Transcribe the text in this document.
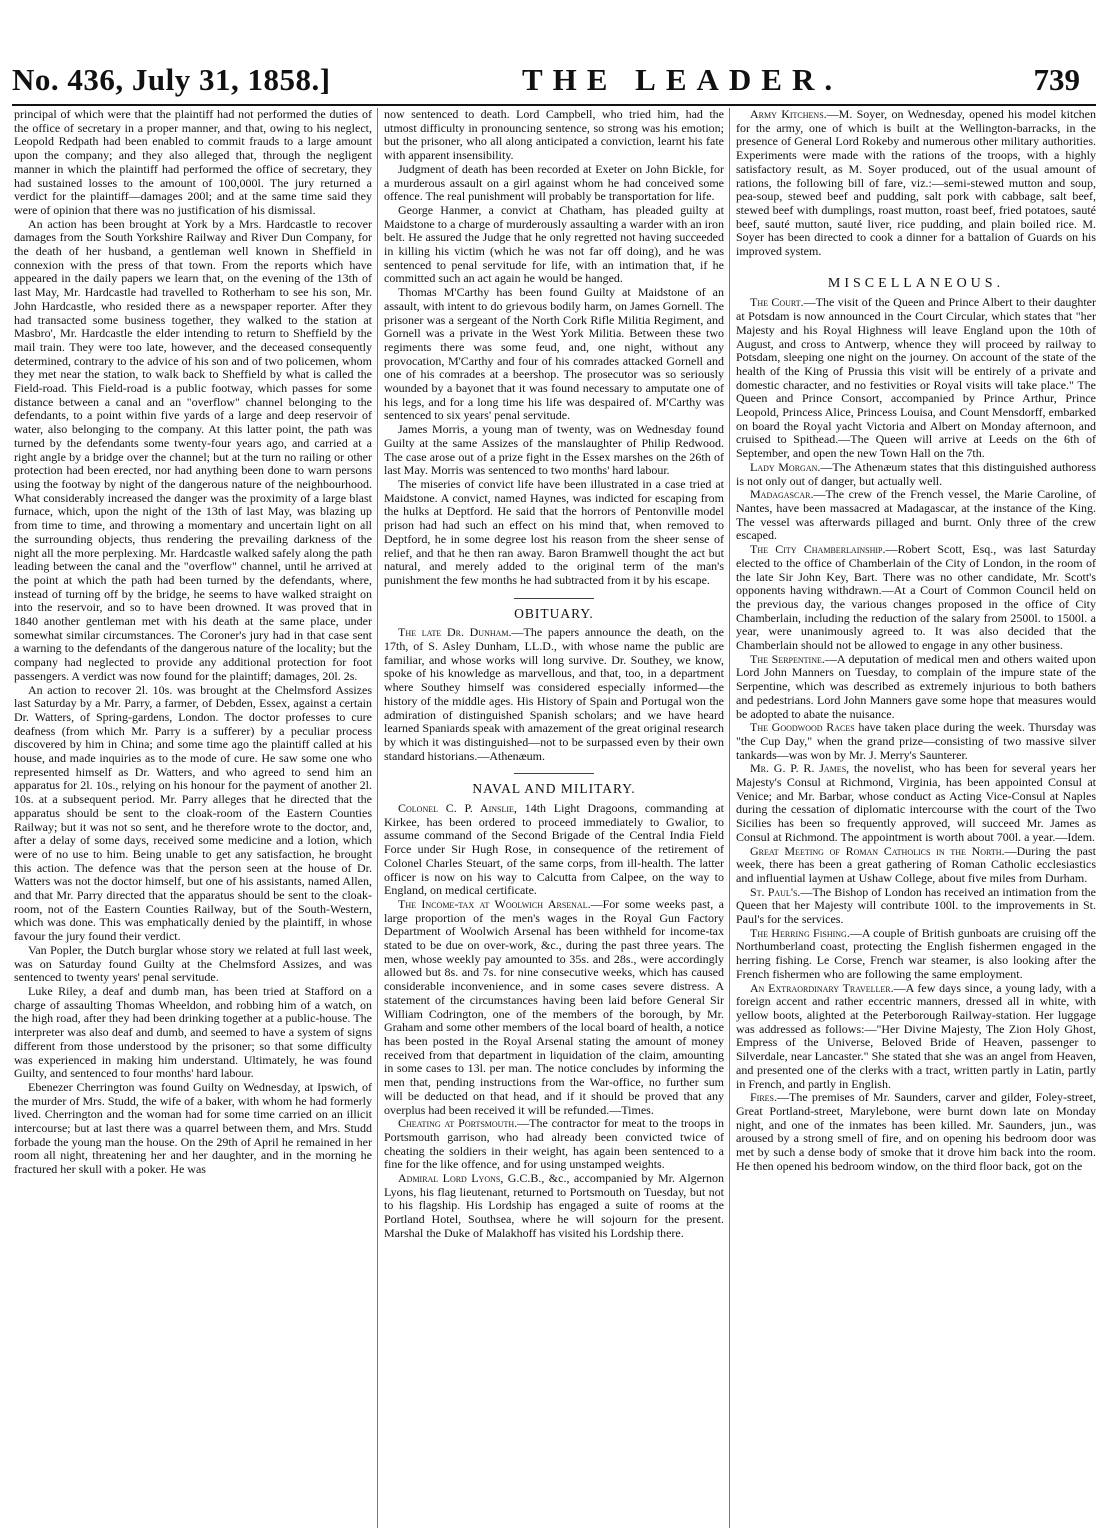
No. 436, July 31, 1858.]	THE LEADER.	739

principal of which were that the plaintiff had not performed the duties of the office of secretary in a proper manner, and that, owing to his neglect, Leopold Redpath had been enabled to commit frauds to a large amount upon the company; and they also alleged that, through the negligent manner in which the plaintiff had performed the office of secretary, they had sustained losses to the amount of 100,000l. The jury returned a verdict for the plaintiff—damages 200l; and at the same time said they were of opinion that there was no justification of his dismissal.

An action has been brought at York by a Mrs. Hardcastle to recover damages from the South Yorkshire Railway and River Dun Company, for the death of her husband, a gentleman well known in Sheffield in connexion with the press of that town. From the reports which have appeared in the daily papers we learn that, on the evening of the 13th of last May, Mr. Hardcastle had travelled to Rotherham to see his son, Mr. John Hardcastle, who resided there as a newspaper reporter. After they had transacted some business together, they walked to the station at Masbro', Mr. Hardcastle the elder intending to return to Sheffield by the mail train. They were too late, however, and the deceased consequently determined, contrary to the advice of his son and of two policemen, whom they met near the station, to walk back to Sheffield by what is called the Field-road. This Field-road is a public footway, which passes for some distance between a canal and an "overflow" channel belonging to the defendants, to a point within five yards of a large and deep reservoir of water, also belonging to the company. At this latter point, the path was turned by the defendants some twenty-four years ago, and carried at a right angle by a bridge over the channel; but at the turn no railing or other protection had been erected, nor had anything been done to warn persons using the footway by night of the dangerous nature of the neighbourhood. What considerably increased the danger was the proximity of a large blast furnace, which, upon the night of the 13th of last May, was blazing up from time to time, and throwing a momentary and uncertain light on all the surrounding objects, thus rendering the prevailing darkness of the night all the more perplexing. Mr. Hardcastle walked safely along the path leading between the canal and the "overflow" channel, until he arrived at the point at which the path had been turned by the defendants, where, instead of turning off by the bridge, he seems to have walked straight on into the reservoir, and so to have been drowned. It was proved that in 1840 another gentleman met with his death at the same place, under somewhat similar circumstances. The Coroner's jury had in that case sent a warning to the defendants of the dangerous nature of the locality; but the company had neglected to provide any additional protection for foot passengers. A verdict was now found for the plaintiff; damages, 20l. 2s.

An action to recover 2l. 10s. was brought at the Chelmsford Assizes last Saturday by a Mr. Parry, a farmer, of Debden, Essex, against a certain Dr. Watters, of Spring-gardens, London. The doctor professes to cure deafness (from which Mr. Parry is a sufferer) by a peculiar process discovered by him in China; and some time ago the plaintiff called at his house, and made inquiries as to the mode of cure. He saw some one who represented himself as Dr. Watters, and who agreed to send him an apparatus for 2l. 10s., relying on his honour for the payment of another 2l. 10s. at a subsequent period. Mr. Parry alleges that he directed that the apparatus should be sent to the cloak-room of the Eastern Counties Railway; but it was not so sent, and he therefore wrote to the doctor, and, after a delay of some days, received some medicine and a lotion, which were of no use to him. Being unable to get any satisfaction, he brought this action. The defence was that the person seen at the house of Dr. Watters was not the doctor himself, but one of his assistants, named Allen, and that Mr. Parry directed that the apparatus should be sent to the cloak-room, not of the Eastern Counties Railway, but of the South-Western, which was done. This was emphatically denied by the plaintiff, in whose favour the jury found their verdict.

Van Popler, the Dutch burglar whose story we related at full last week, was on Saturday found Guilty at the Chelmsford Assizes, and was sentenced to twenty years' penal servitude.

Luke Riley, a deaf and dumb man, has been tried at Stafford on a charge of assaulting Thomas Wheeldon, and robbing him of a watch, on the high road, after they had been drinking together at a public-house. The interpreter was also deaf and dumb, and seemed to have a system of signs different from those understood by the prisoner; so that some difficulty was experienced in making him understand. Ultimately, he was found Guilty, and sentenced to four months' hard labour.

Ebenezer Cherrington was found Guilty on Wednesday, at Ipswich, of the murder of Mrs. Studd, the wife of a baker, with whom he had formerly lived. Cherrington and the woman had for some time carried on an illicit intercourse; but at last there was a quarrel between them, and Mrs. Studd forbade the young man the house. On the 29th of April he remained in her room all night, threatening her and her daughter, and in the morning he fractured her skull with a poker. He was

now sentenced to death. Lord Campbell, who tried him, had the utmost difficulty in pronouncing sentence, so strong was his emotion; but the prisoner, who all along anticipated a conviction, learnt his fate with apparent insensibility.

Judgment of death has been recorded at Exeter on John Bickle, for a murderous assault on a girl against whom he had conceived some offence. The real punishment will probably be transportation for life.

George Hanmer, a convict at Chatham, has pleaded guilty at Maidstone to a charge of murderously assaulting a warder with an iron belt. He assured the Judge that he only regretted not having succeeded in killing his victim (which he was not far off doing), and he was sentenced to penal servitude for life, with an intimation that, if he committed such an act again he would be hanged.

Thomas M'Carthy has been found Guilty at Maidstone of an assault, with intent to do grievous bodily harm, on James Gornell. The prisoner was a sergeant of the North Cork Rifle Militia Regiment, and Gornell was a private in the West York Militia. Between these two regiments there was some feud, and, one night, without any provocation, M'Carthy and four of his comrades attacked Gornell and one of his comrades at a beershop. The prosecutor was so seriously wounded by a bayonet that it was found necessary to amputate one of his legs, and for a long time his life was despaired of. M'Carthy was sentenced to six years' penal servitude.

James Morris, a young man of twenty, was on Wednesday found Guilty at the same Assizes of the manslaughter of Philip Redwood. The case arose out of a prize fight in the Essex marshes on the 26th of last May. Morris was sentenced to two months' hard labour.

The miseries of convict life have been illustrated in a case tried at Maidstone. A convict, named Haynes, was indicted for escaping from the hulks at Deptford. He said that the horrors of Pentonville model prison had had such an effect on his mind that, when removed to Deptford, he in some degree lost his reason from the sheer sense of relief, and that he then ran away. Baron Bramwell thought the act but natural, and merely added to the original term of the man's punishment the few months he had subtracted from it by his escape.

OBITUARY.

The late Dr. Dunham.—The papers announce the death, on the 17th, of S. Asley Dunham, LL.D., with whose name the public are familiar, and whose works will long survive. Dr. Southey, we know, spoke of his knowledge as marvellous, and that, too, in a department where Southey himself was considered especially informed—the history of the middle ages. His History of Spain and Portugal won the admiration of distinguished Spanish scholars; and we have heard learned Spaniards speak with amazement of the great original research by which it was distinguished—not to be surpassed even by their own standard historians.—Athenæum.

NAVAL AND MILITARY.

Colonel C. P. Ainslie, 14th Light Dragoons, commanding at Kirkee, has been ordered to proceed immediately to Gwalior, to assume command of the Second Brigade of the Central India Field Force under Sir Hugh Rose, in consequence of the retirement of Colonel Charles Steuart, of the same corps, from ill-health. The latter officer is now on his way to Calcutta from Calpee, on the way to England, on medical certificate.

The Income-tax at Woolwich Arsenal.—For some weeks past, a large proportion of the men's wages in the Royal Gun Factory Department of Woolwich Arsenal has been withheld for income-tax stated to be due on over-work, &c., during the past three years. The men, whose weekly pay amounted to 35s. and 28s., were accordingly allowed but 8s. and 7s. for nine consecutive weeks, which has caused considerable inconvenience, and in some cases severe distress. A statement of the circumstances having been laid before General Sir William Codrington, one of the members of the borough, by Mr. Graham and some other members of the local board of health, a notice has been posted in the Royal Arsenal stating the amount of money received from that department in liquidation of the claim, amounting in some cases to 13l. per man. The notice concludes by informing the men that, pending instructions from the War-office, no further sum will be deducted on that head, and if it should be proved that any overplus had been received it will be refunded.—Times.

Cheating at Portsmouth.—The contractor for meat to the troops in Portsmouth garrison, who had already been convicted twice of cheating the soldiers in their weight, has again been sentenced to a fine for the like offence, and for using unstamped weights.

Admiral Lord Lyons, G.C.B., &c., accompanied by Mr. Algernon Lyons, his flag lieutenant, returned to Portsmouth on Tuesday, but not to his flagship. His Lordship has engaged a suite of rooms at the Portland Hotel, Southsea, where he will sojourn for the present. Marshal the Duke of Malakhoff has visited his Lordship there.

Army Kitchens.—M. Soyer, on Wednesday, opened his model kitchen for the army, one of which is built at the Wellington-barracks, in the presence of General Lord Rokeby and numerous other military authorities. Experiments were made with the rations of the troops, with a highly satisfactory result, as M. Soyer produced, out of the usual amount of rations, the following bill of fare, viz.:—semi-stewed mutton and soup, pea-soup, stewed beef and pudding, salt pork with cabbage, salt beef, stewed beef with dumplings, roast mutton, roast beef, fried potatoes, sauté beef, sauté mutton, sauté liver, rice pudding, and plain boiled rice. M. Soyer has been directed to cook a dinner for a battalion of Guards on his improved system.

MISCELLANEOUS.

The Court.—The visit of the Queen and Prince Albert to their daughter at Potsdam is now announced in the Court Circular, which states that "her Majesty and his Royal Highness will leave England upon the 10th of August, and cross to Antwerp, whence they will proceed by railway to Potsdam, sleeping one night on the journey. On account of the state of the health of the King of Prussia this visit will be entirely of a private and domestic character, and no festivities or Royal visits will take place." The Queen and Prince Consort, accompanied by Prince Arthur, Prince Leopold, Princess Alice, Princess Louisa, and Count Mensdorff, embarked on board the Royal yacht Victoria and Albert on Monday afternoon, and cruised to Spithead.—The Queen will arrive at Leeds on the 6th of September, and open the new Town Hall on the 7th.

Lady Morgan.—The Athenæum states that this distinguished authoress is not only out of danger, but actually well.

Madagascar.—The crew of the French vessel, the Marie Caroline, of Nantes, have been massacred at Madagascar, at the instance of the King. The vessel was afterwards pillaged and burnt. Only three of the crew escaped.

The City Chamberlainship.—Robert Scott, Esq., was last Saturday elected to the office of Chamberlain of the City of London, in the room of the late Sir John Key, Bart. There was no other candidate, Mr. Scott's opponents having withdrawn.—At a Court of Common Council held on the previous day, the various changes proposed in the office of City Chamberlain, including the reduction of the salary from 2500l. to 1500l. a year, were unanimously agreed to. It was also decided that the Chamberlain should not be allowed to engage in any other business.

The Serpentine.—A deputation of medical men and others waited upon Lord John Manners on Tuesday, to complain of the impure state of the Serpentine, which was described as extremely injurious to both bathers and pedestrians. Lord John Manners gave some hope that measures would be adopted to abate the nuisance.

The Goodwood Races have taken place during the week. Thursday was "the Cup Day," when the grand prize—consisting of two massive silver tankards—was won by Mr. J. Merry's Saunterer.

Mr. G. P. R. James, the novelist, who has been for several years her Majesty's Consul at Richmond, Virginia, has been appointed Consul at Venice; and Mr. Barbar, whose conduct as Acting Vice-Consul at Naples during the cessation of diplomatic intercourse with the court of the Two Sicilies has been so frequently approved, will succeed Mr. James as Consul at Richmond. The appointment is worth about 700l. a year.—Idem.

Great Meeting of Roman Catholics in the North.—During the past week, there has been a great gathering of Roman Catholic ecclesiastics and influential laymen at Ushaw College, about five miles from Durham.

St. Paul's.—The Bishop of London has received an intimation from the Queen that her Majesty will contribute 100l. to the improvements in St. Paul's for the services.

The Herring Fishing.—A couple of British gunboats are cruising off the Northumberland coast, protecting the English fishermen engaged in the herring fishing. Le Corse, French war steamer, is also looking after the French fishermen who are following the same employment.

An Extraordinary Traveller.—A few days since, a young lady, with a foreign accent and rather eccentric manners, dressed all in white, with yellow boots, alighted at the Peterborough Railway-station. Her luggage was addressed as follows:—"Her Divine Majesty, The Zion Holy Ghost, Empress of the Universe, Beloved Bride of Heaven, passenger to Silverdale, near Lancaster." She stated that she was an angel from Heaven, and presented one of the clerks with a tract, written partly in Latin, partly in French, and partly in English.

Fires.—The premises of Mr. Saunders, carver and gilder, Foley-street, Great Portland-street, Marylebone, were burnt down late on Monday night, and one of the inmates has been killed. Mr. Saunders, jun., was aroused by a strong smell of fire, and on opening his bedroom door was met by such a dense body of smoke that it drove him back into the room. He then opened his bedroom window, on the third floor back, got on the
